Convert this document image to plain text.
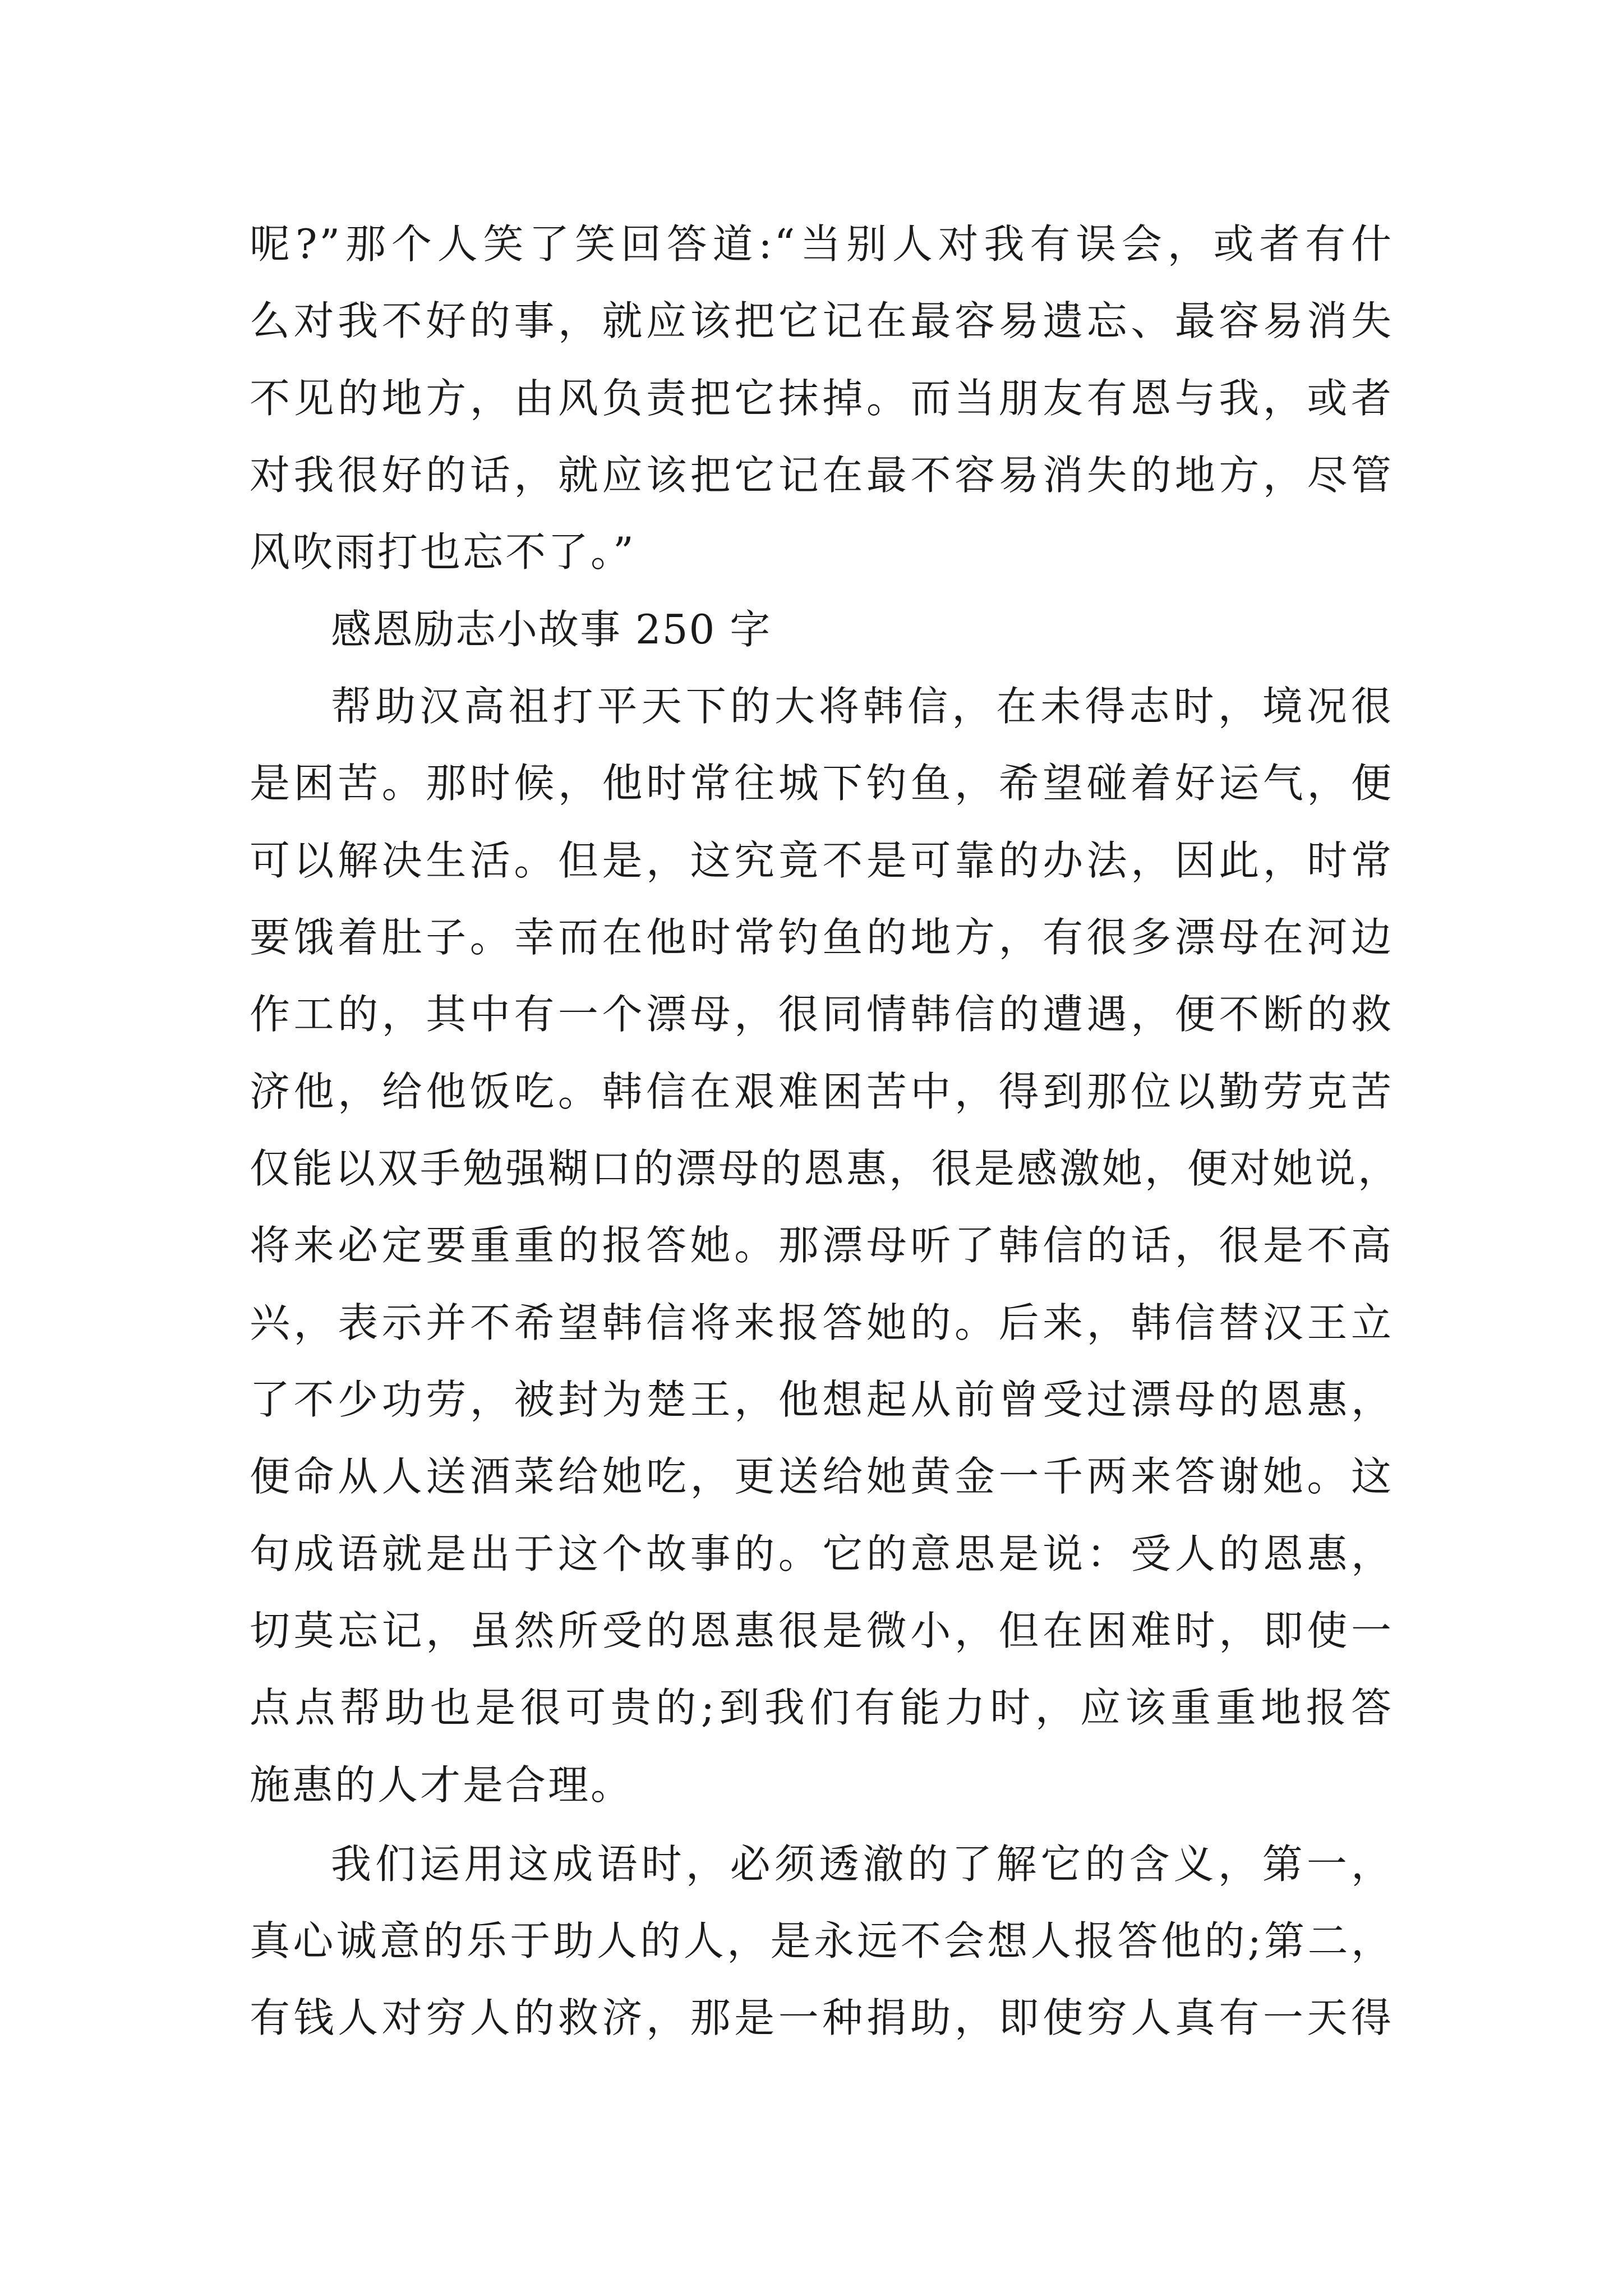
呢?”那个人笑了笑回答道:“当别人对我有误会，或者有什
么对我不好的事，就应该把它记在最容易遗忘、最容易消失
不见的地方，由风负责把它抹掉。而当朋友有恩与我，或者
对我很好的话，就应该把它记在最不容易消失的地方，尽管
风吹雨打也忘不了。”
感恩励志小故事 250 字
帮助汉高祖打平天下的大将韩信，在未得志时，境况很
是困苦。那时候，他时常往城下钓鱼，希望碰着好运气，便
可以解决生活。但是，这究竟不是可靠的办法，因此，时常
要饿着肚子。幸而在他时常钓鱼的地方，有很多漂母在河边
作工的，其中有一个漂母，很同情韩信的遭遇，便不断的救
济他，给他饭吃。韩信在艰难困苦中，得到那位以勤劳克苦
仅能以双手勉强糊口的漂母的恩惠，很是感激她，便对她说，
将来必定要重重的报答她。那漂母听了韩信的话，很是不高
兴，表示并不希望韩信将来报答她的。后来，韩信替汉王立
了不少功劳，被封为楚王，他想起从前曾受过漂母的恩惠，
便命从人送酒菜给她吃，更送给她黄金一千两来答谢她。这
句成语就是出于这个故事的。它的意思是说：受人的恩惠，
切莫忘记，虽然所受的恩惠很是微小，但在困难时，即使一
点点帮助也是很可贵的;到我们有能力时，应该重重地报答
施惠的人才是合理。
我们运用这成语时，必须透澈的了解它的含义，第一，
真心诚意的乐于助人的人，是永远不会想人报答他的;第二，
有钱人对穷人的救济，那是一种捐助，即使穷人真有一天得
